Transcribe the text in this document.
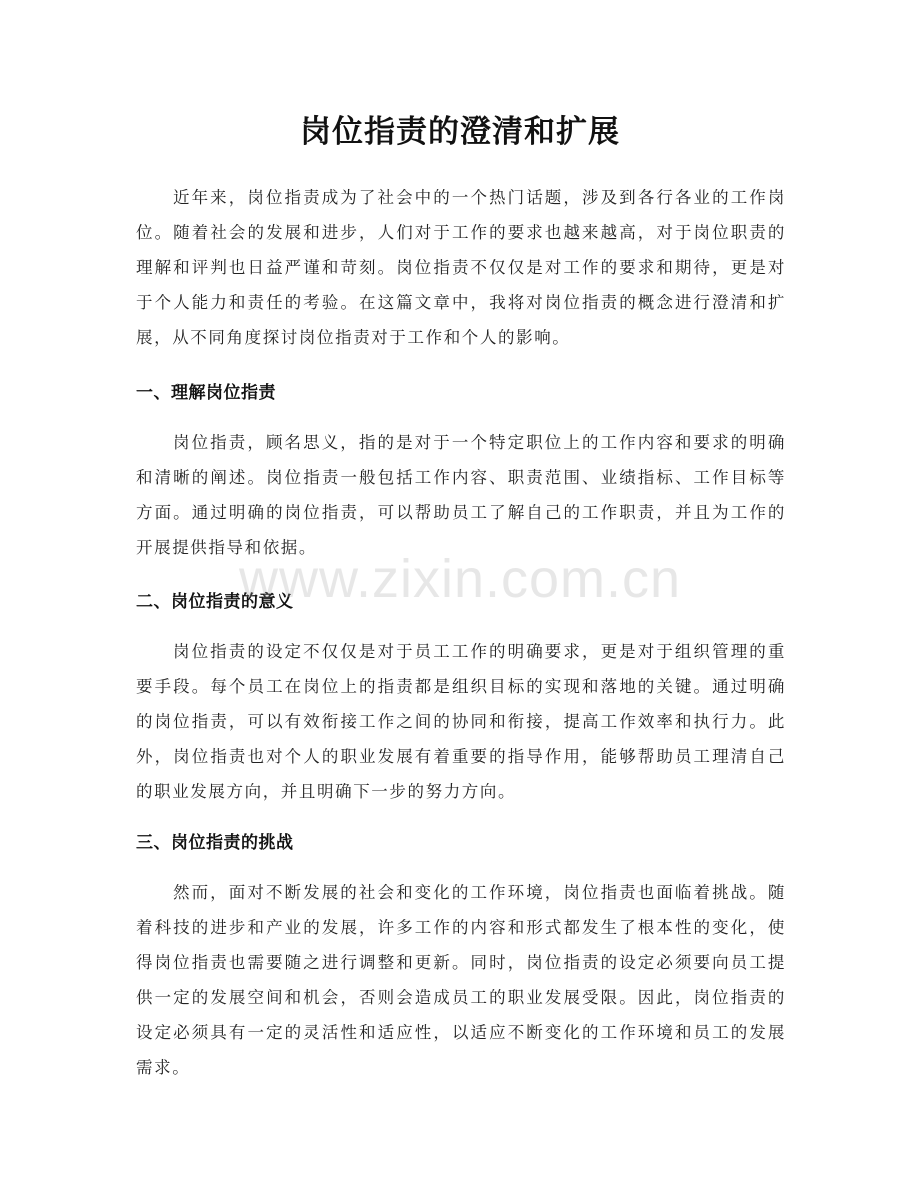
岗位指责的澄清和扩展

近年来，岗位指责成为了社会中的一个热门话题，涉及到各行各业的工作岗位。随着社会的发展和进步，人们对于工作的要求也越来越高，对于岗位职责的理解和评判也日益严谨和苛刻。岗位指责不仅仅是对工作的要求和期待，更是对于个人能力和责任的考验。在这篇文章中，我将对岗位指责的概念进行澄清和扩展，从不同角度探讨岗位指责对于工作和个人的影响。

一、理解岗位指责

岗位指责，顾名思义，指的是对于一个特定职位上的工作内容和要求的明确和清晰的阐述。岗位指责一般包括工作内容、职责范围、业绩指标、工作目标等方面。通过明确的岗位指责，可以帮助员工了解自己的工作职责，并且为工作的开展提供指导和依据。

二、岗位指责的意义

岗位指责的设定不仅仅是对于员工工作的明确要求，更是对于组织管理的重要手段。每个员工在岗位上的指责都是组织目标的实现和落地的关键。通过明确的岗位指责，可以有效衔接工作之间的协同和衔接，提高工作效率和执行力。此外，岗位指责也对个人的职业发展有着重要的指导作用，能够帮助员工理清自己的职业发展方向，并且明确下一步的努力方向。

三、岗位指责的挑战

然而，面对不断发展的社会和变化的工作环境，岗位指责也面临着挑战。随着科技的进步和产业的发展，许多工作的内容和形式都发生了根本性的变化，使得岗位指责也需要随之进行调整和更新。同时，岗位指责的设定必须要向员工提供一定的发展空间和机会，否则会造成员工的职业发展受限。因此，岗位指责的设定必须具有一定的灵活性和适应性，以适应不断变化的工作环境和员工的发展需求。

www.zixin.com.cn
